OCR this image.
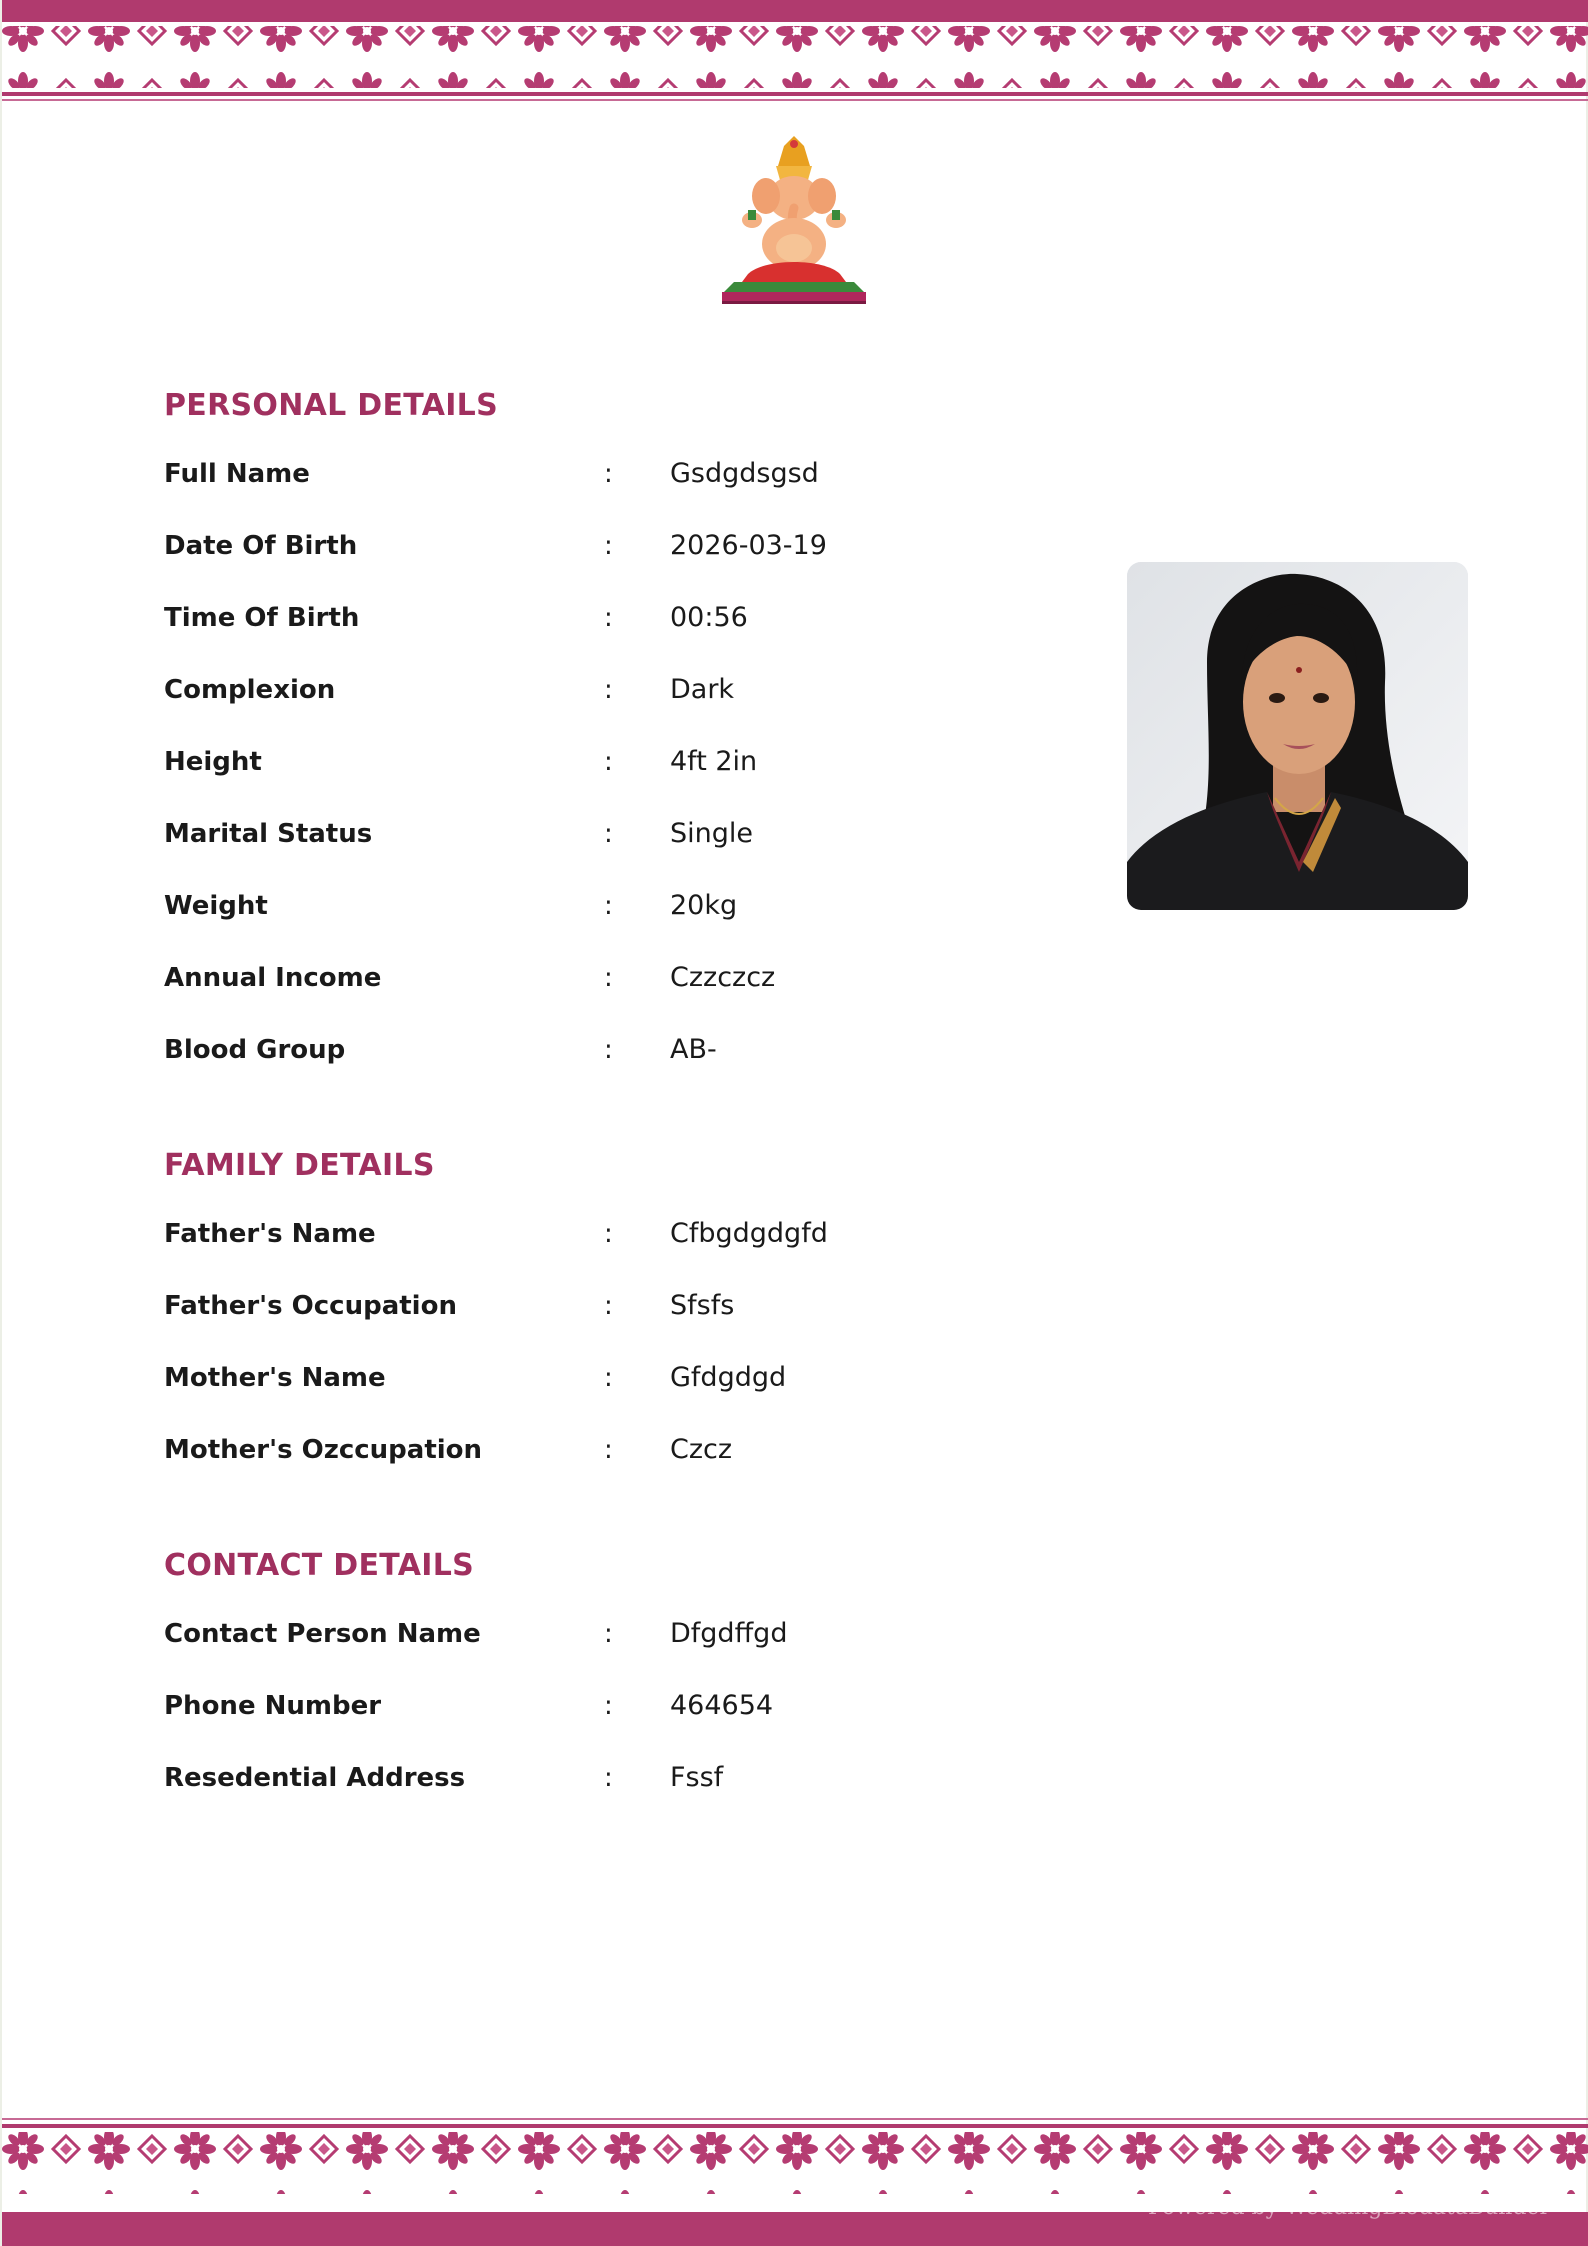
PERSONAL DETAILS
Full Name	: Gsdgdsgsd
Date Of Birth	: 2026-03-19
Time Of Birth	: 00:56
Complexion	: Dark
Height	: 4ft 2in
Marital Status	: Single
Weight	: 20kg
Annual Income	: Czzczcz
Blood Group	: AB-
FAMILY DETAILS
Father's Name	: Cfbgdgdgfd
Father's Occupation	: Sfsfs
Mother's Name	: Gfdgdgd
Mother's Ozccupation	: Czcz
CONTACT DETAILS
Contact Person Name	: Dfgdffgd
Phone Number	: 464654
Resedential Address	: Fssf
Powered by WeddingBiodataBuilder
